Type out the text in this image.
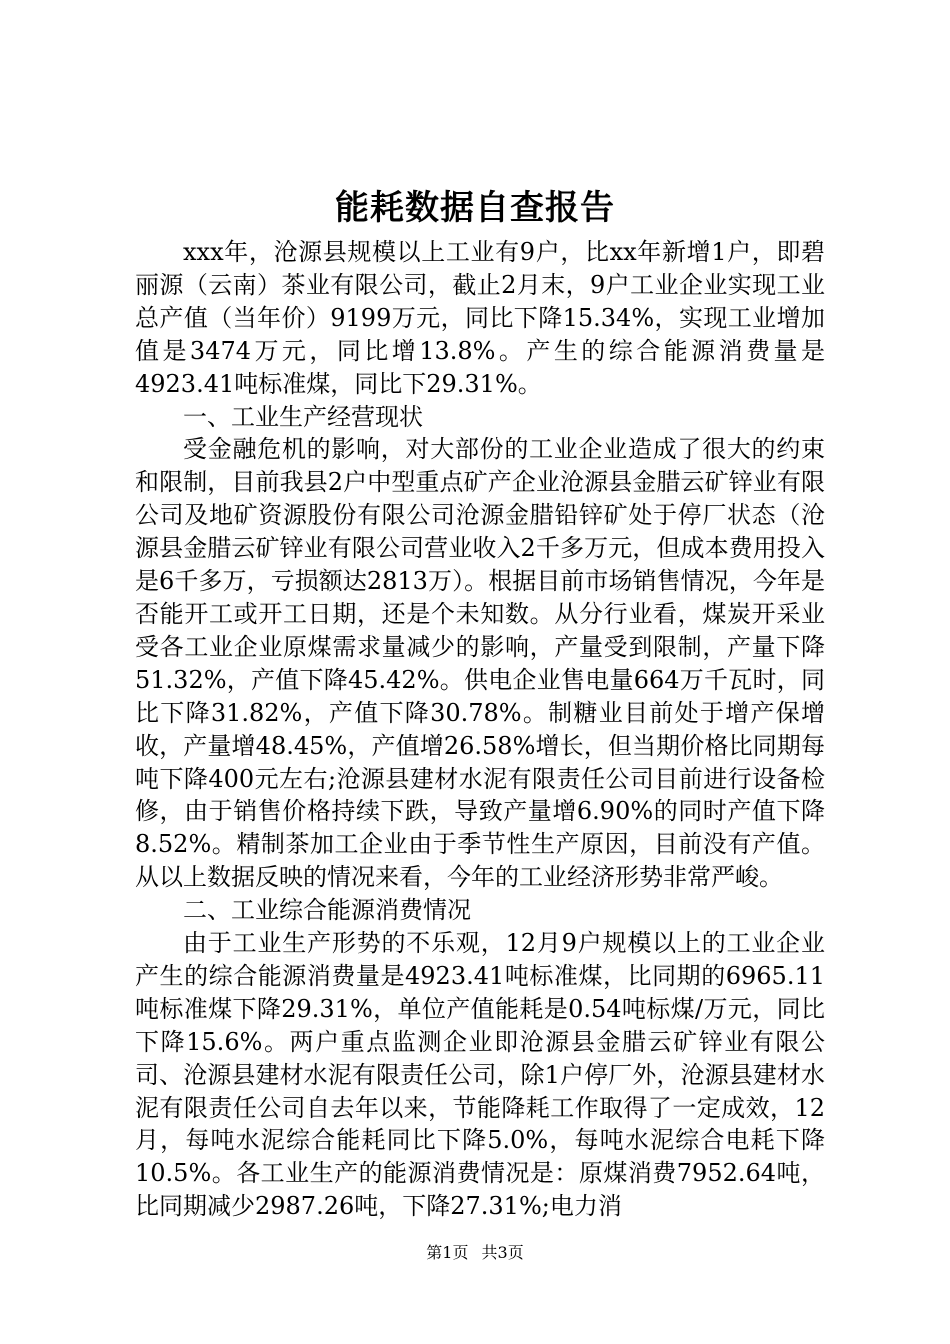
能耗数据自查报告

xxx年，沧源县规模以上工业有9户，比xx年新增1户，即碧丽源（云南）茶业有限公司，截止2月末，9户工业企业实现工业总产值（当年价）9199万元，同比下降15.34%，实现工业增加值是3474万元，同比增13.8%。产生的综合能源消费量是4923.41吨标准煤，同比下29.31%。

一、工业生产经营现状

受金融危机的影响，对大部份的工业企业造成了很大的约束和限制，目前我县2户中型重点矿产企业沧源县金腊云矿锌业有限公司及地矿资源股份有限公司沧源金腊铅锌矿处于停厂状态（沧源县金腊云矿锌业有限公司营业收入2千多万元，但成本费用投入是6千多万，亏损额达2813万）。根据目前市场销售情况，今年是否能开工或开工日期，还是个未知数。从分行业看，煤炭开采业受各工业企业原煤需求量减少的影响，产量受到限制，产量下降51.32%，产值下降45.42%。供电企业售电量664万千瓦时，同比下降31.82%，产值下降30.78%。制糖业目前处于增产保增收，产量增48.45%，产值增26.58%增长，但当期价格比同期每吨下降400元左右;沧源县建材水泥有限责任公司目前进行设备检修，由于销售价格持续下跌，导致产量增6.90%的同时产值下降8.52%。精制茶加工企业由于季节性生产原因，目前没有产值。从以上数据反映的情况来看，今年的工业经济形势非常严峻。

二、工业综合能源消费情况

由于工业生产形势的不乐观，12月9户规模以上的工业企业产生的综合能源消费量是4923.41吨标准煤，比同期的6965.11吨标准煤下降29.31%，单位产值能耗是0.54吨标煤/万元，同比下降15.6%。两户重点监测企业即沧源县金腊云矿锌业有限公司、沧源县建材水泥有限责任公司，除1户停厂外，沧源县建材水泥有限责任公司自去年以来，节能降耗工作取得了一定成效，12月，每吨水泥综合能耗同比下降5.0%，每吨水泥综合电耗下降10.5%。各工业生产的能源消费情况是：原煤消费7952.64吨，比同期减少2987.26吨，下降27.31%;电力消

第1页 共3页
